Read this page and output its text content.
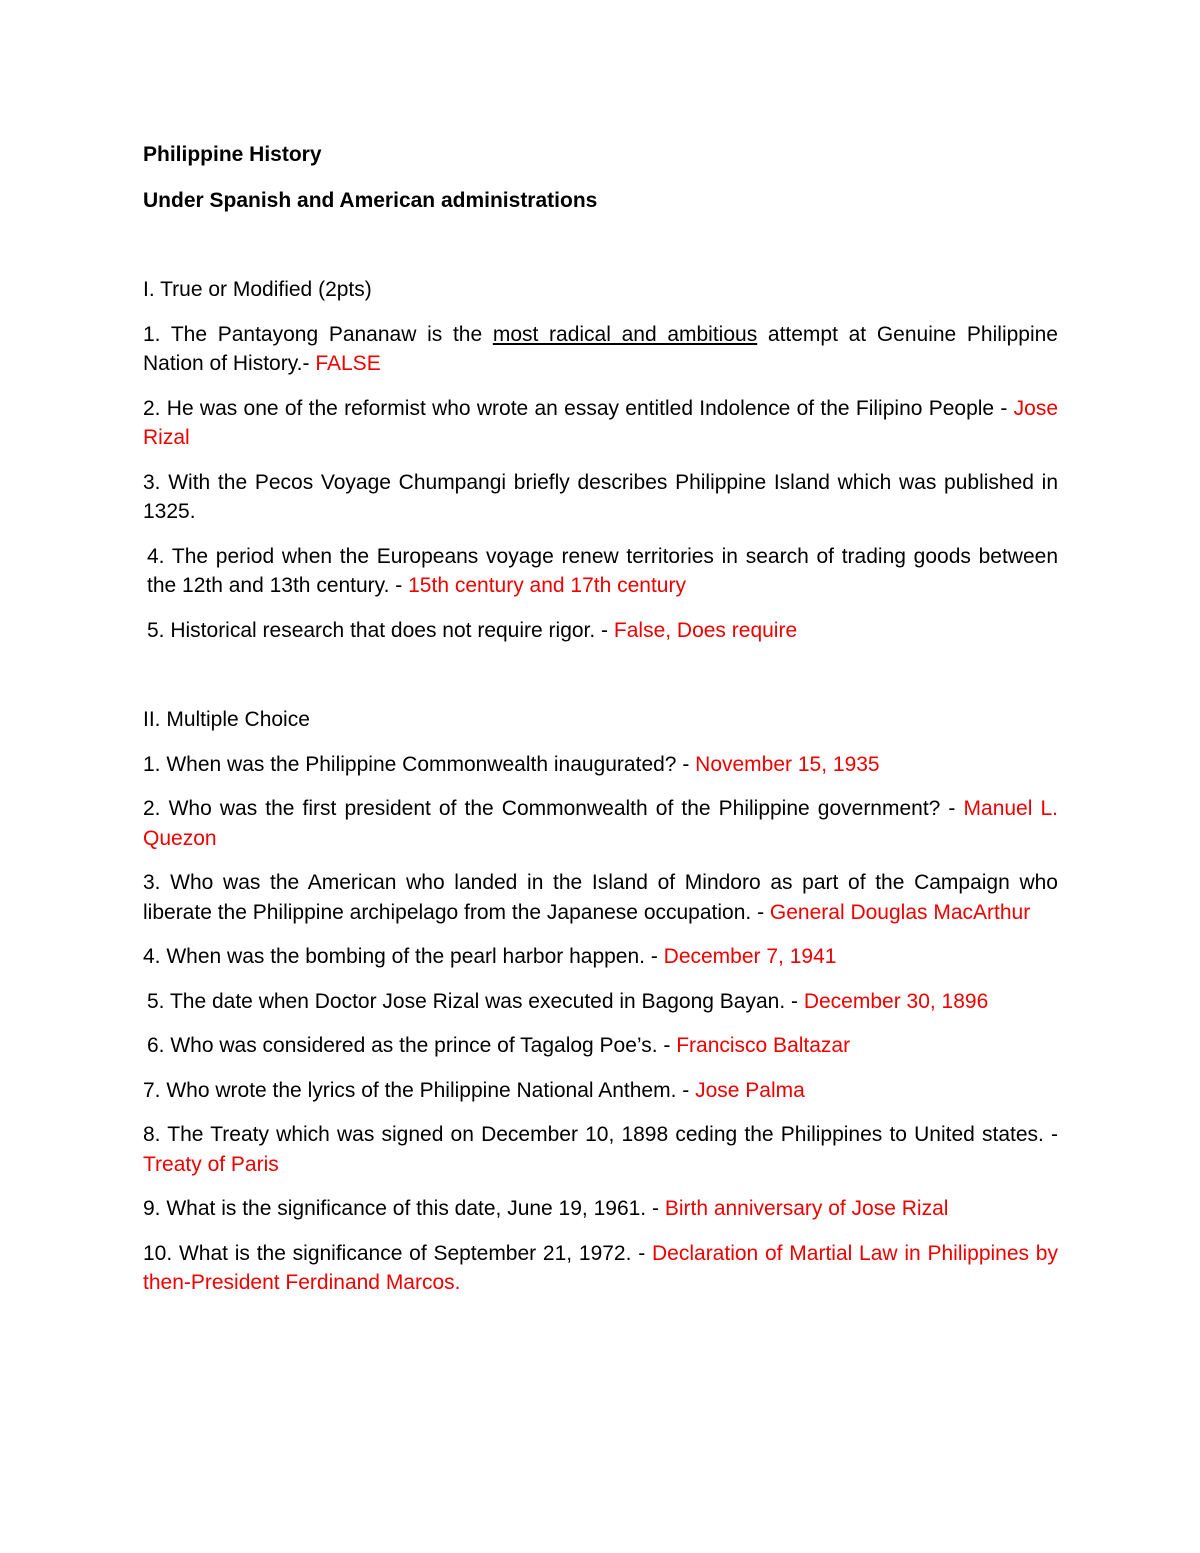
Philippine History

Under Spanish and American administrations

I. True or Modified (2pts)

1. The Pantayong Pananaw is the most radical and ambitious attempt at Genuine Philippine Nation of History.- FALSE

2. He was one of the reformist who wrote an essay entitled Indolence of the Filipino People - Jose Rizal

3. With the Pecos Voyage Chumpangi briefly describes Philippine Island which was published in 1325.

4. The period when the Europeans voyage renew territories in search of trading goods between the 12th and 13th century. - 15th century and 17th century

5. Historical research that does not require rigor. - False, Does require

II. Multiple Choice

1. When was the Philippine Commonwealth inaugurated? - November 15, 1935

2. Who was the first president of the Commonwealth of the Philippine government? - Manuel L. Quezon

3. Who was the American who landed in the Island of Mindoro as part of the Campaign who liberate the Philippine archipelago from the Japanese occupation. - General Douglas MacArthur

4. When was the bombing of the pearl harbor happen. - December 7, 1941

5. The date when Doctor Jose Rizal was executed in Bagong Bayan. - December 30, 1896

6. Who was considered as the prince of Tagalog Poe’s. - Francisco Baltazar

7. Who wrote the lyrics of the Philippine National Anthem. - Jose Palma

8. The Treaty which was signed on December 10, 1898 ceding the Philippines to United states. - Treaty of Paris

9. What is the significance of this date, June 19, 1961. - Birth anniversary of Jose Rizal

10. What is the significance of September 21, 1972. - Declaration of Martial Law in Philippines by then-President Ferdinand Marcos.
